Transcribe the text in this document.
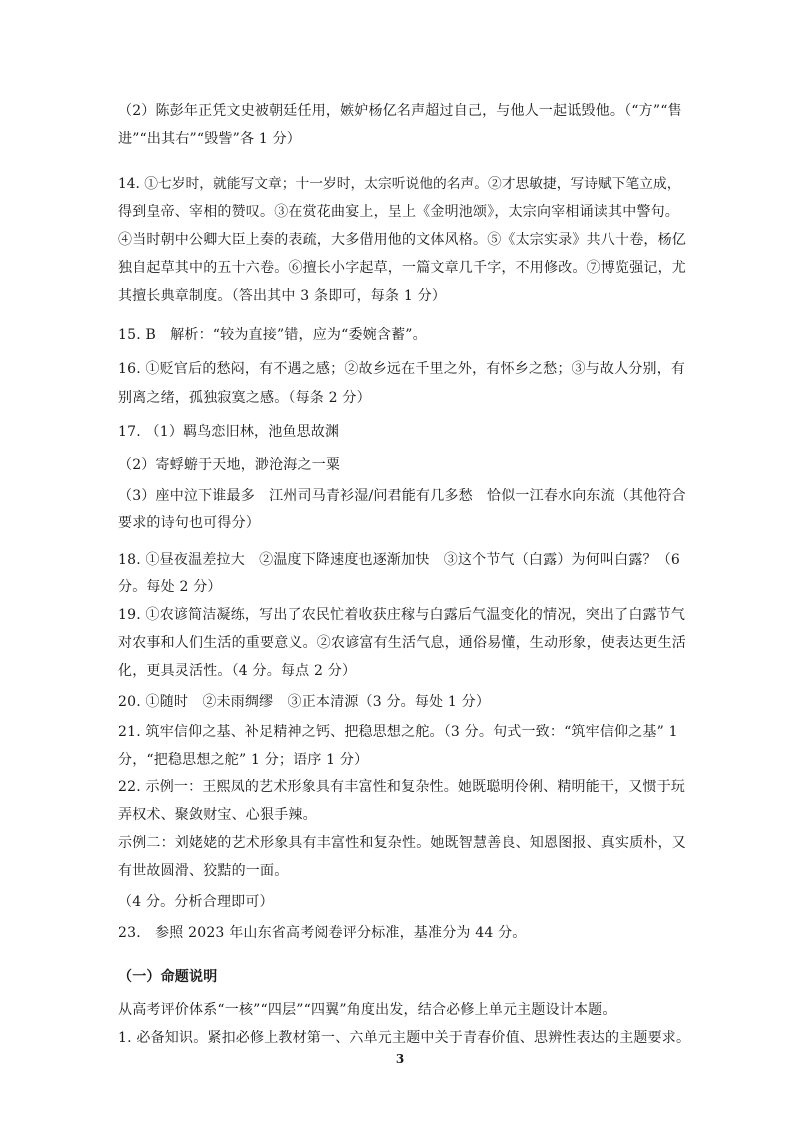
（2）陈彭年正凭文史被朝廷任用，嫉妒杨亿名声超过自己，与他人一起诋毁他。（“方”“售
进”“出其右”“毁訾”各 1 分）
14. ①七岁时，就能写文章；十一岁时，太宗听说他的名声。②才思敏捷，写诗赋下笔立成，
得到皇帝、宰相的赞叹。③在赏花曲宴上，呈上《金明池颂》，太宗向宰相诵读其中警句。
④当时朝中公卿大臣上奏的表疏，大多借用他的文体风格。⑤《太宗实录》共八十卷，杨亿
独自起草其中的五十六卷。⑥擅长小字起草，一篇文章几千字，不用修改。⑦博览强记，尤
其擅长典章制度。（答出其中 3 条即可，每条 1 分）
15. B　解析：“较为直接”错，应为“委婉含蓄”。
16. ①贬官后的愁闷，有不遇之感；②故乡远在千里之外，有怀乡之愁；③与故人分别，有
别离之绪，孤独寂寞之感。（每条 2 分）
17. （1）羁鸟恋旧林，池鱼思故渊
（2）寄蜉蝣于天地，渺沧海之一粟
（3）座中泣下谁最多　江州司马青衫湿/问君能有几多愁　恰似一江春水向东流（其他符合
要求的诗句也可得分）
18. ①昼夜温差拉大　②温度下降速度也逐渐加快　③这个节气（白露）为何叫白露？（6
分。每处 2 分）
19. ①农谚简洁凝练，写出了农民忙着收获庄稼与白露后气温变化的情况，突出了白露节气
对农事和人们生活的重要意义。②农谚富有生活气息，通俗易懂，生动形象，使表达更生活
化，更具灵活性。（4 分。每点 2 分）
20. ①随时　②未雨绸缪　③正本清源（3 分。每处 1 分）
21. 筑牢信仰之基、补足精神之钙、把稳思想之舵。（3 分。句式一致：“筑牢信仰之基” 1
分，“把稳思想之舵” 1 分；语序 1 分）
22. 示例一：王熙凤的艺术形象具有丰富性和复杂性。她既聪明伶俐、精明能干，又惯于玩
弄权术、聚敛财宝、心狠手辣。
示例二：刘姥姥的艺术形象具有丰富性和复杂性。她既智慧善良、知恩图报、真实质朴，又
有世故圆滑、狡黠的一面。
（4 分。分析合理即可）
23.　参照 2023 年山东省高考阅卷评分标准，基准分为 44 分。
（一）命题说明
从高考评价体系“一核”“四层”“四翼”角度出发，结合必修上单元主题设计本题。
1. 必备知识。紧扣必修上教材第一、六单元主题中关于青春价值、思辨性表达的主题要求。
3
